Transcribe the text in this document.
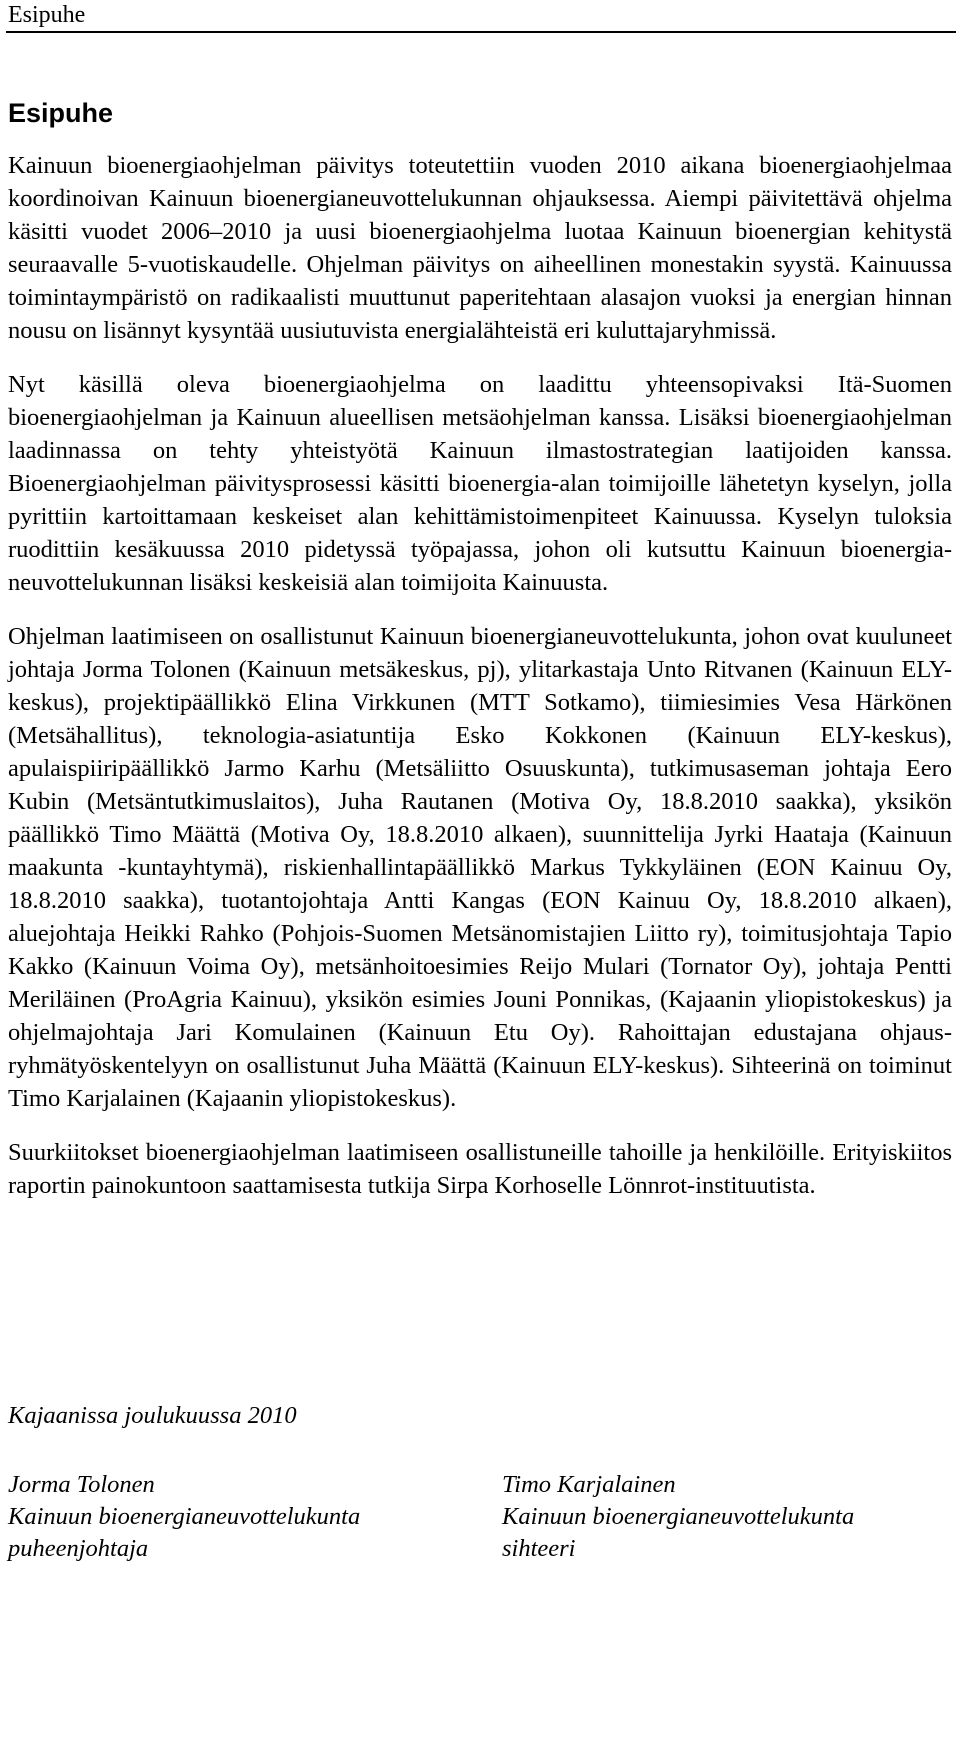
Esipuhe
Esipuhe

Kainuun bioenergiaohjelman päivitys toteutettiin vuoden 2010 aikana bioenergiaohjelmaa koordinoivan Kainuun bioenergianeuvottelukunnan ohjauksessa. Aiempi päivitettävä ohjelma käsitti vuodet 2006–2010 ja uusi bioenergiaohjelma luotaa Kainuun bioenergian kehitystä seuraavalle 5-vuotiskaudelle. Ohjelman päivitys on aiheellinen monestakin syystä. Kainuussa toimintaympäristö on radikaalisti muuttunut paperitehtaan alasajon vuoksi ja energian hinnan nousu on lisännyt kysyntää uusiutuvista energialähteistä eri kuluttajaryhmissä.

Nyt käsillä oleva bioenergiaohjelma on laadittu yhteensopivaksi Itä-Suomen bioenergiaohjelman ja Kainuun alueellisen metsäohjelman kanssa. Lisäksi bioenergiaohjelman laadinnassa on tehty yhteistyötä Kainuun ilmastostrategian laatijoiden kanssa. Bioenergiaohjelman päivitysprosessi käsitti bioenergia-alan toimijoille lähetetyn kyselyn, jolla pyrittiin kartoittamaan keskeiset alan kehittämistoimenpiteet Kainuussa. Kyselyn tuloksia ruodittiin kesäkuussa 2010 pidetyssä työpajassa, johon oli kutsuttu Kainuun bioenergia-neuvottelukunnan lisäksi keskeisiä alan toimijoita Kainuusta.

Ohjelman laatimiseen on osallistunut Kainuun bioenergianeuvottelukunta, johon ovat kuuluneet johtaja Jorma Tolonen (Kainuun metsäkeskus, pj), ylitarkastaja Unto Ritvanen (Kainuun ELY-keskus), projektipäällikkö Elina Virkkunen (MTT Sotkamo), tiimiesimies Vesa Härkönen (Metsähallitus), teknologia-asiatuntija Esko Kokkonen (Kainuun ELY-keskus), apulaispiiripäällikkö Jarmo Karhu (Metsäliitto Osuuskunta), tutkimusaseman johtaja Eero Kubin (Metsäntutkimuslaitos), Juha Rautanen (Motiva Oy, 18.8.2010 saakka), yksikön päällikkö Timo Määttä (Motiva Oy, 18.8.2010 alkaen), suunnittelija Jyrki Haataja (Kainuun maakunta -kuntayhtymä), riskienhallintapäällikkö Markus Tykkyläinen (EON Kainuu Oy, 18.8.2010 saakka), tuotantojohtaja Antti Kangas (EON Kainuu Oy, 18.8.2010 alkaen), aluejohtaja Heikki Rahko (Pohjois-Suomen Metsänomistajien Liitto ry), toimitusjohtaja Tapio Kakko (Kainuun Voima Oy), metsänhoitoesimies Reijo Mulari (Tornator Oy), johtaja Pentti Meriläinen (ProAgria Kainuu), yksikön esimies Jouni Ponnikas, (Kajaanin yliopistokeskus) ja ohjelmajohtaja Jari Komulainen (Kainuun Etu Oy). Rahoittajan edustajana ohjausryhmätyöskentelyyn on osallistunut Juha Määttä (Kainuun ELY-keskus). Sihteerinä on toiminut Timo Karjalainen (Kajaanin yliopistokeskus).

Suurkiitokset bioenergiaohjelman laatimiseen osallistuneille tahoille ja henkilöille. Erityiskiitos raportin painokuntoon saattamisesta tutkija Sirpa Korhoselle Lönnrot-instituutista.

Kajaanissa joulukuussa 2010
Jorma Tolonen
Kainuun bioenergianeuvottelukunta
puheenjohtaja
Timo Karjalainen
Kainuun bioenergianeuvottelukunta
sihteeri
